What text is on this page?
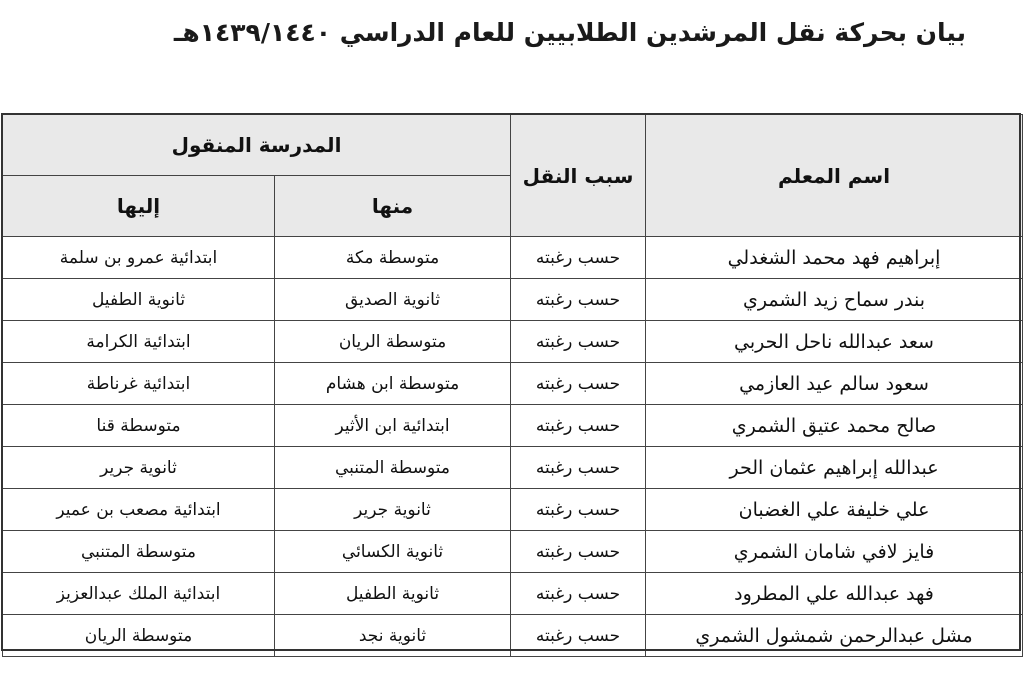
بيان بحركة نقل المرشدين الطلابيين للعام الدراسي ١٤٣٩/١٤٤٠هـ
اسم المعلم	سبب النقل	المدرسة المنقول	
		منها	إليها
إبراهيم فهد محمد الشغدلي	حسب رغبته	متوسطة مكة	ابتدائية عمرو بن سلمة
بندر سماح زيد الشمري	حسب رغبته	ثانوية الصديق	ثانوية الطفيل
سعد عبدالله ناحل الحربي	حسب رغبته	متوسطة الريان	ابتدائية الكرامة
سعود سالم عيد العازمي	حسب رغبته	متوسطة ابن هشام	ابتدائية غرناطة
صالح محمد عتيق الشمري	حسب رغبته	ابتدائية ابن الأثير	متوسطة قنا
عبدالله إبراهيم عثمان الحر	حسب رغبته	متوسطة المتنبي	ثانوية جرير
علي خليفة علي الغضبان	حسب رغبته	ثانوية جرير	ابتدائية مصعب بن عمير
فايز لافي شامان الشمري	حسب رغبته	ثانوية الكسائي	متوسطة المتنبي
فهد عبدالله علي المطرود	حسب رغبته	ثانوية الطفيل	ابتدائية الملك عبدالعزيز
مشل عبدالرحمن شمشول الشمري	حسب رغبته	ثانوية نجد	متوسطة الريان
